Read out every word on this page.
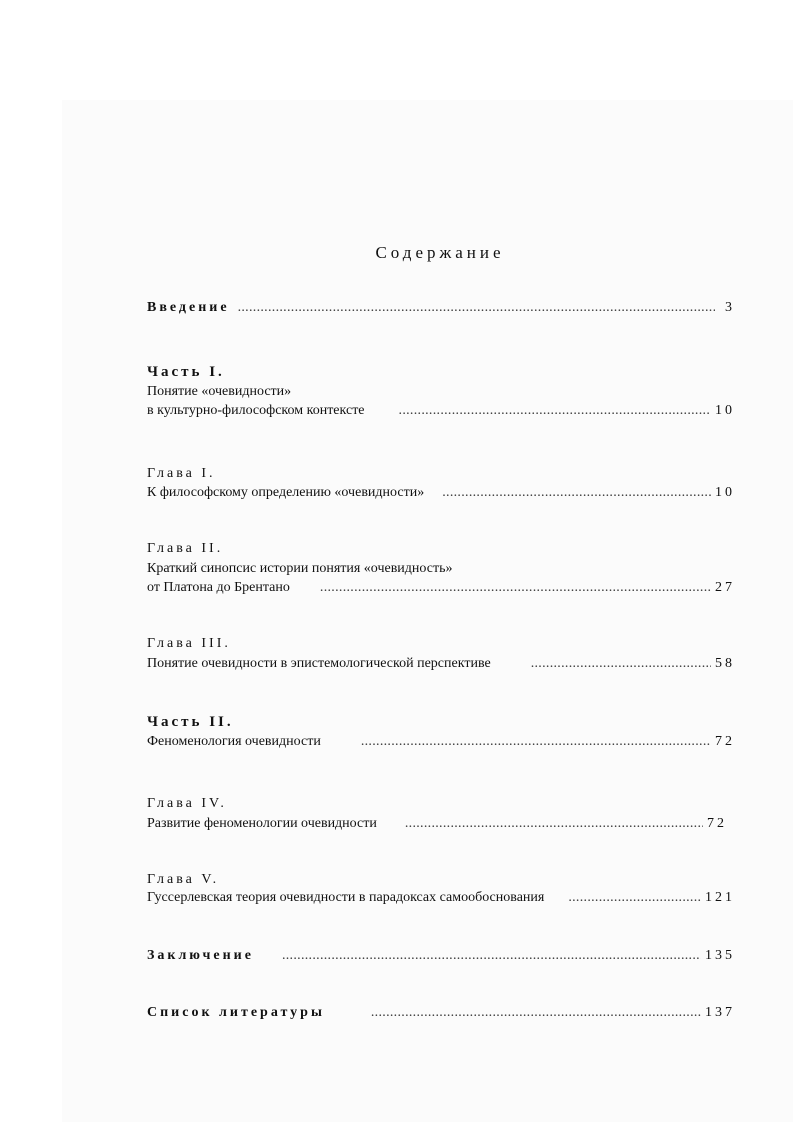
Содержание
Введение . . .	3
Часть I.
Понятие «очевидности»
в культурно-философском контексте . . .	10
Глава I.
К философскому определению «очевидности» . . .	10
Глава II.
Краткий синопсис истории понятия «очевидность»
от Платона до Брентано . . .	27
Глава III.
Понятие очевидности в эпистемологической перспективе . . .	58
Часть II.
Феноменология очевидности . . .	72
Глава IV.
Развитие феноменологии очевидности . . .	72
Глава V.
Гуссерлевская теория очевидности в парадоксах самообоснования . . .	121
Заключение . . .	135
Список литературы . . .	137
